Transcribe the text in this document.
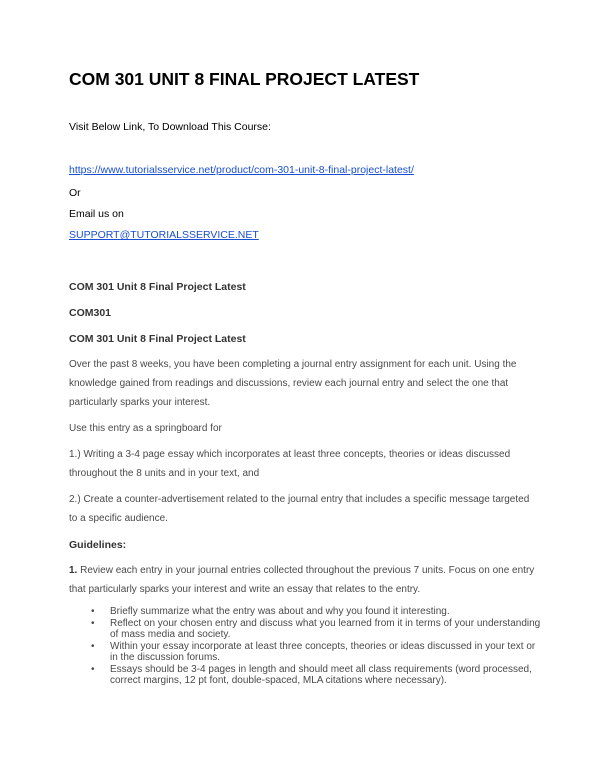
COM 301 UNIT 8 FINAL PROJECT LATEST

Visit Below Link, To Download This Course:

https://www.tutorialsservice.net/product/com-301-unit-8-final-project-latest/

Or

Email us on

SUPPORT@TUTORIALSSERVICE.NET

COM 301 Unit 8 Final Project Latest

COM301

COM 301 Unit 8 Final Project Latest

Over the past 8 weeks, you have been completing a journal entry assignment for each unit. Using the

knowledge gained from readings and discussions, review each journal entry and select the one that

particularly sparks your interest.

Use this entry as a springboard for

1.) Writing a 3-4 page essay which incorporates at least three concepts, theories or ideas discussed

throughout the 8 units and in your text, and

2.) Create a counter-advertisement related to the journal entry that includes a specific message targeted

to a specific audience.

Guidelines:

1. Review each entry in your journal entries collected throughout the previous 7 units. Focus on one entry

that particularly sparks your interest and write an essay that relates to the entry.

• Briefly summarize what the entry was about and why you found it interesting.
• Reflect on your chosen entry and discuss what you learned from it in terms of your understanding of mass media and society.
• Within your essay incorporate at least three concepts, theories or ideas discussed in your text or in the discussion forums.
• Essays should be 3-4 pages in length and should meet all class requirements (word processed, correct margins, 12 pt font, double-spaced, MLA citations where necessary).
